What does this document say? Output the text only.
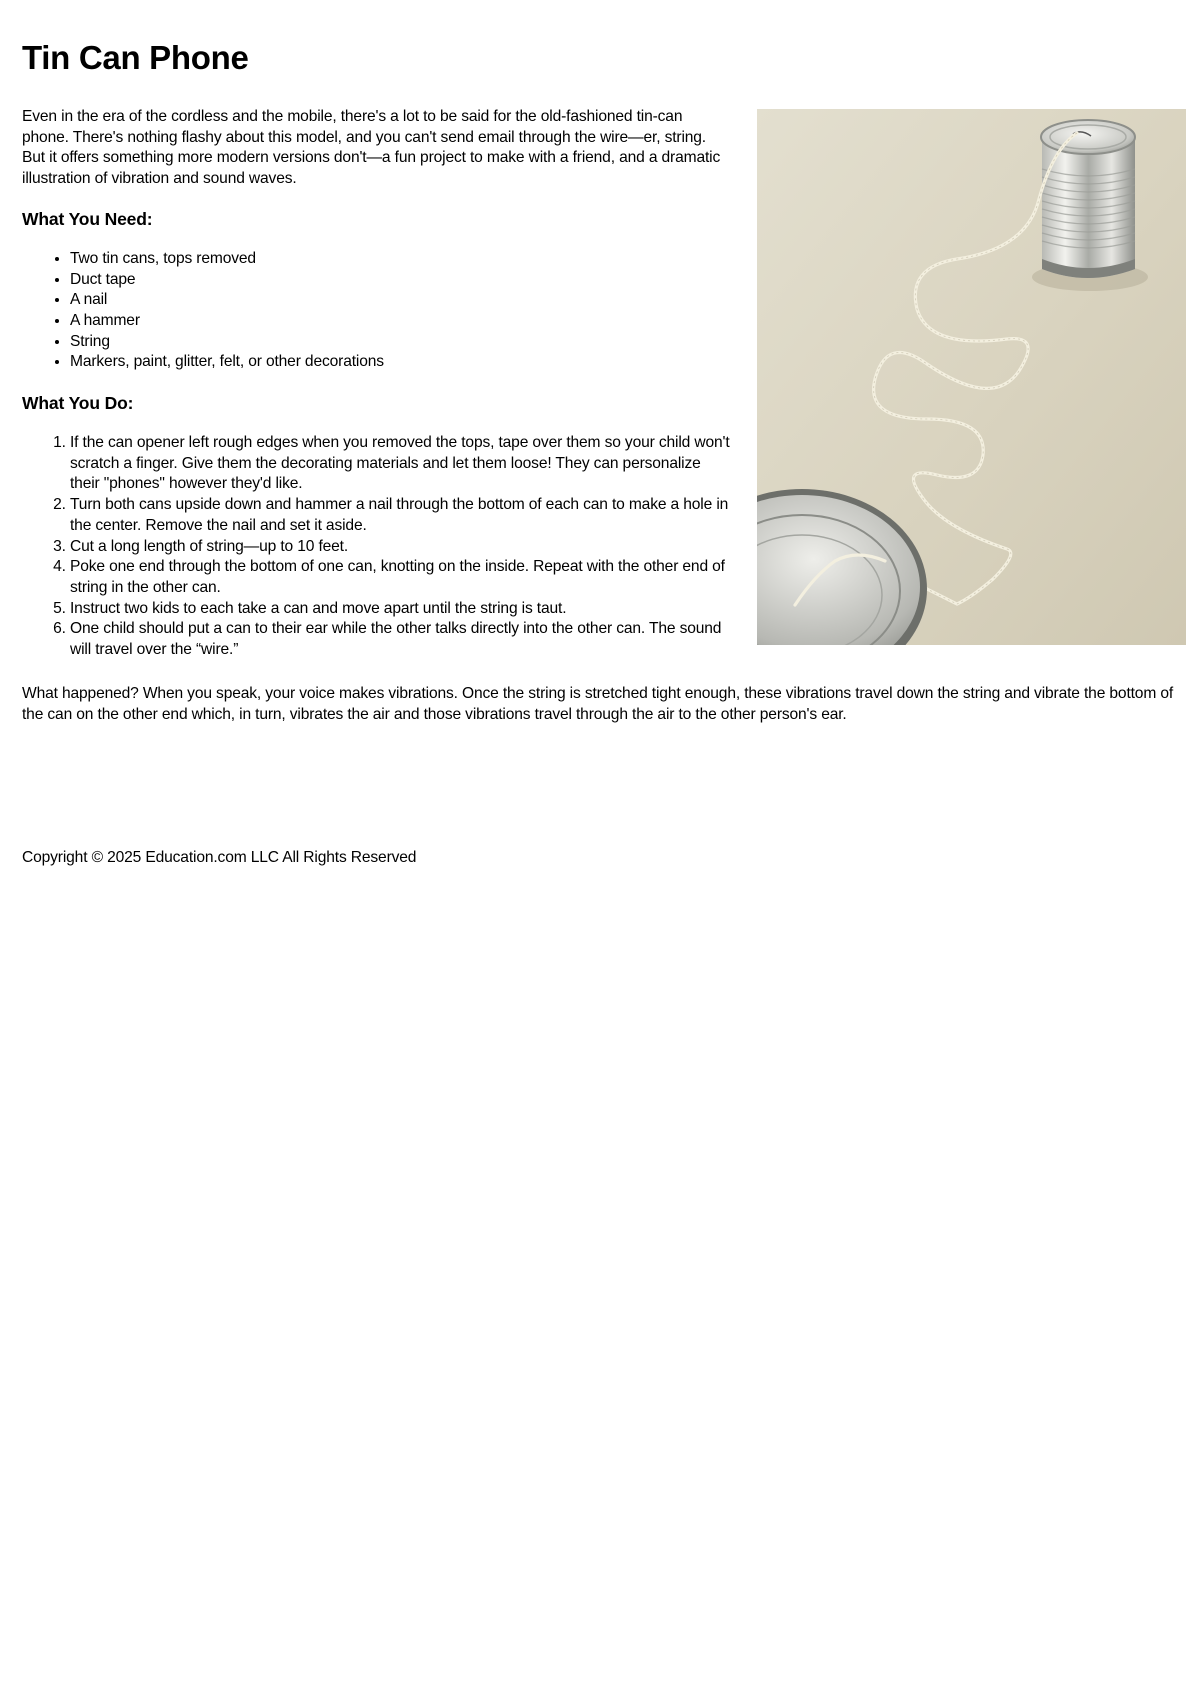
Tin Can Phone

Even in the era of the cordless and the mobile, there's a lot to be said for the old-fashioned tin-can phone. There's nothing flashy about this model, and you can't send email through the wire—er, string. But it offers something more modern versions don't—a fun project to make with a friend, and a dramatic illustration of vibration and sound waves.

What You Need:
• Two tin cans, tops removed
• Duct tape
• A nail
• A hammer
• String
• Markers, paint, glitter, felt, or other decorations
What You Do:
1. If the can opener left rough edges when you removed the tops, tape over them so your child won't scratch a finger. Give them the decorating materials and let them loose! They can personalize their "phones" however they'd like.
2. Turn both cans upside down and hammer a nail through the bottom of each can to make a hole in the center. Remove the nail and set it aside.
3. Cut a long length of string—up to 10 feet.
4. Poke one end through the bottom of one can, knotting on the inside. Repeat with the other end of string in the other can.
5. Instruct two kids to each take a can and move apart until the string is taut.
6. One child should put a can to their ear while the other talks directly into the other can. The sound will travel over the “wire.”

What happened? When you speak, your voice makes vibrations. Once the string is stretched tight enough, these vibrations travel down the string and vibrate the bottom of the can on the other end which, in turn, vibrates the air and those vibrations travel through the air to the other person's ear.

Copyright © 2025 Education.com LLC All Rights Reserved
